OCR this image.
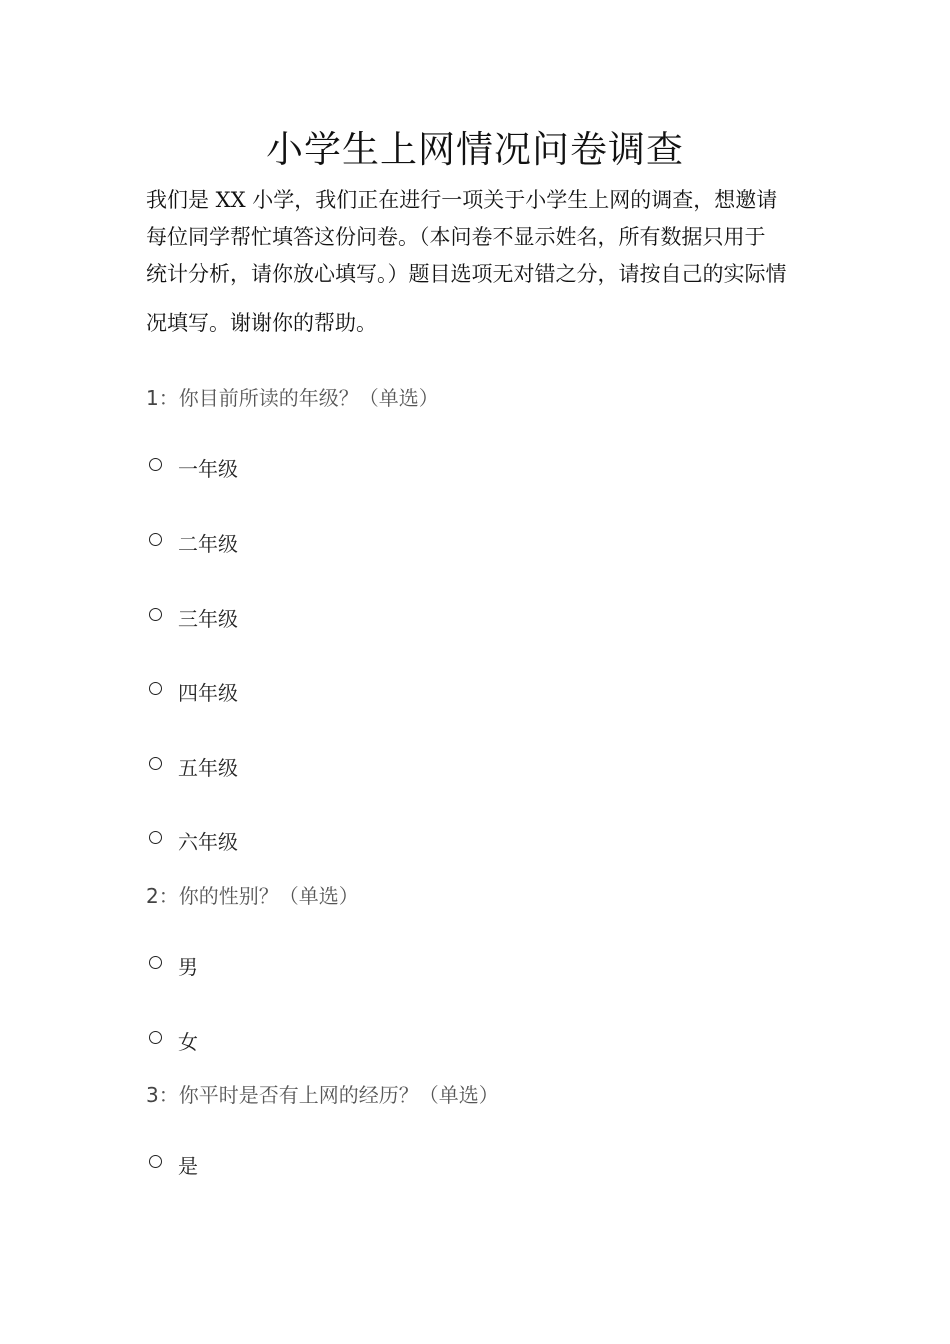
小学生上网情况问卷调查
我们是 XX 小学，我们正在进行一项关于小学生上网的调查，想邀请
每位同学帮忙填答这份问卷。（本问卷不显示姓名，所有数据只用于
统计分析，请你放心填写。）题目选项无对错之分，请按自己的实际情
况填写。谢谢你的帮助。
1：你目前所读的年级？（单选）
一年级
二年级
三年级
四年级
五年级
六年级
2：你的性别？（单选）
男
女
3：你平时是否有上网的经历？（单选）
是
